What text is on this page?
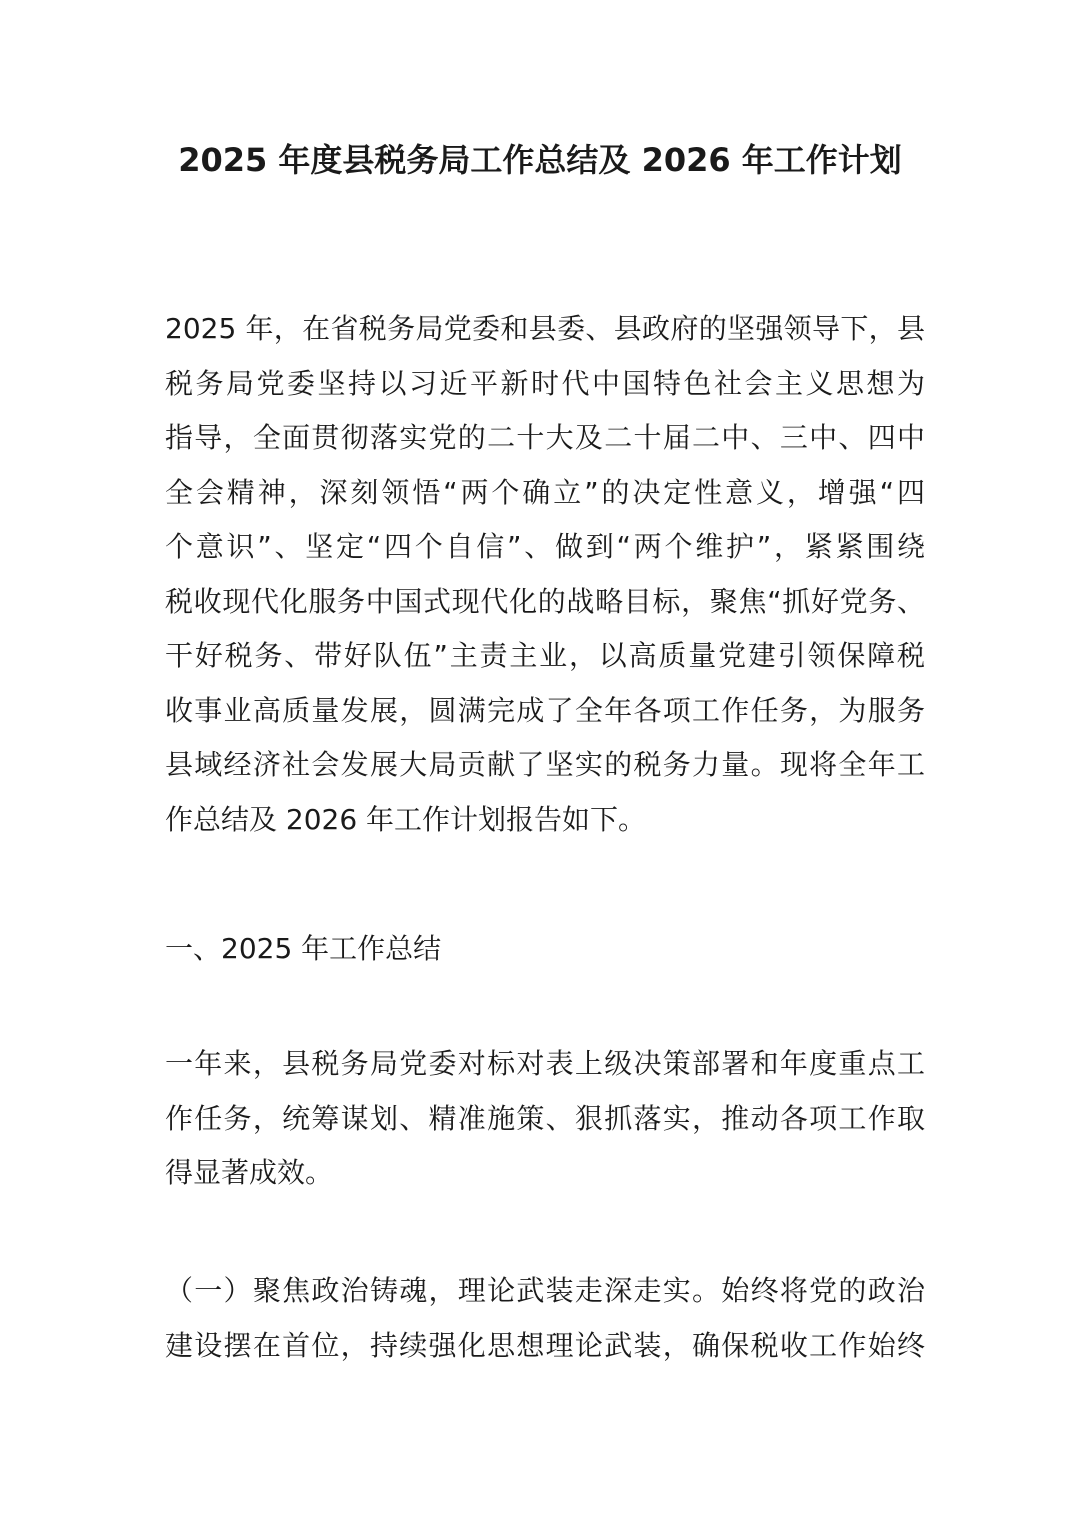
2025 年度县税务局工作总结及 2026 年工作计划
2025 年，在省税务局党委和县委、县政府的坚强领导下，县
税务局党委坚持以习近平新时代中国特色社会主义思想为
指导，全面贯彻落实党的二十大及二十届二中、三中、四中
全会精神，深刻领悟“两个确立”的决定性意义，增强“四
个意识”、坚定“四个自信”、做到“两个维护”，紧紧围绕
税收现代化服务中国式现代化的战略目标，聚焦“抓好党务、
干好税务、带好队伍”主责主业，以高质量党建引领保障税
收事业高质量发展，圆满完成了全年各项工作任务，为服务
县域经济社会发展大局贡献了坚实的税务力量。现将全年工
作总结及 2026 年工作计划报告如下。
一、2025 年工作总结
一年来，县税务局党委对标对表上级决策部署和年度重点工
作任务，统筹谋划、精准施策、狠抓落实，推动各项工作取
得显著成效。
（一）聚焦政治铸魂，理论武装走深走实。始终将党的政治
建设摆在首位，持续强化思想理论武装，确保税收工作始终
